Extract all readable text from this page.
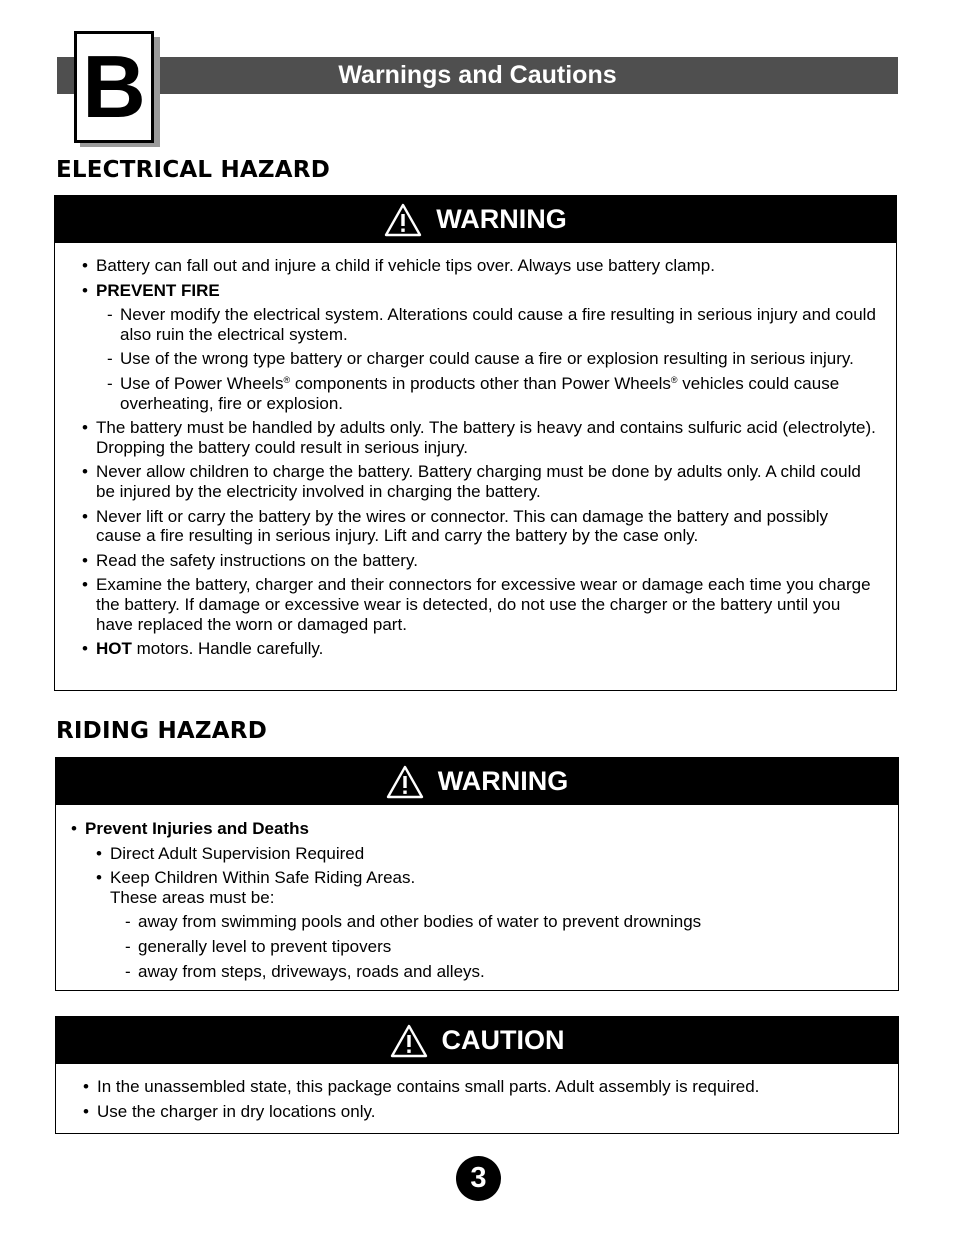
Warnings and Cautions
B
ELECTRICAL HAZARD
WARNING

• Battery can fall out and injure a child if vehicle tips over. Always use battery clamp.

• PREVENT FIRE

- Never modify the electrical system. Alterations could cause a fire resulting in serious injury and could also ruin the electrical system.

- Use of the wrong type battery or charger could cause a fire or explosion resulting in serious injury.

- Use of Power Wheels® components in products other than Power Wheels® vehicles could cause overheating, fire or explosion.

• The battery must be handled by adults only. The battery is heavy and contains sulfuric acid (electrolyte). Dropping the battery could result in serious injury.

• Never allow children to charge the battery. Battery charging must be done by adults only. A child could be injured by the electricity involved in charging the battery.

• Never lift or carry the battery by the wires or connector. This can damage the battery and possibly cause a fire resulting in serious injury. Lift and carry the battery by the case only.

• Read the safety instructions on the battery.

• Examine the battery, charger and their connectors for excessive wear or damage each time you charge the battery. If damage or excessive wear is detected, do not use the charger or the battery until you have replaced the worn or damaged part.

• HOT motors. Handle carefully.

RIDING HAZARD
WARNING

• Prevent Injuries and Deaths

• Direct Adult Supervision Required

• Keep Children Within Safe Riding Areas.

These areas must be:

- away from swimming pools and other bodies of water to prevent drownings

- generally level to prevent tipovers

- away from steps, driveways, roads and alleys.

CAUTION

• In the unassembled state, this package contains small parts. Adult assembly is required.

• Use the charger in dry locations only.

3
